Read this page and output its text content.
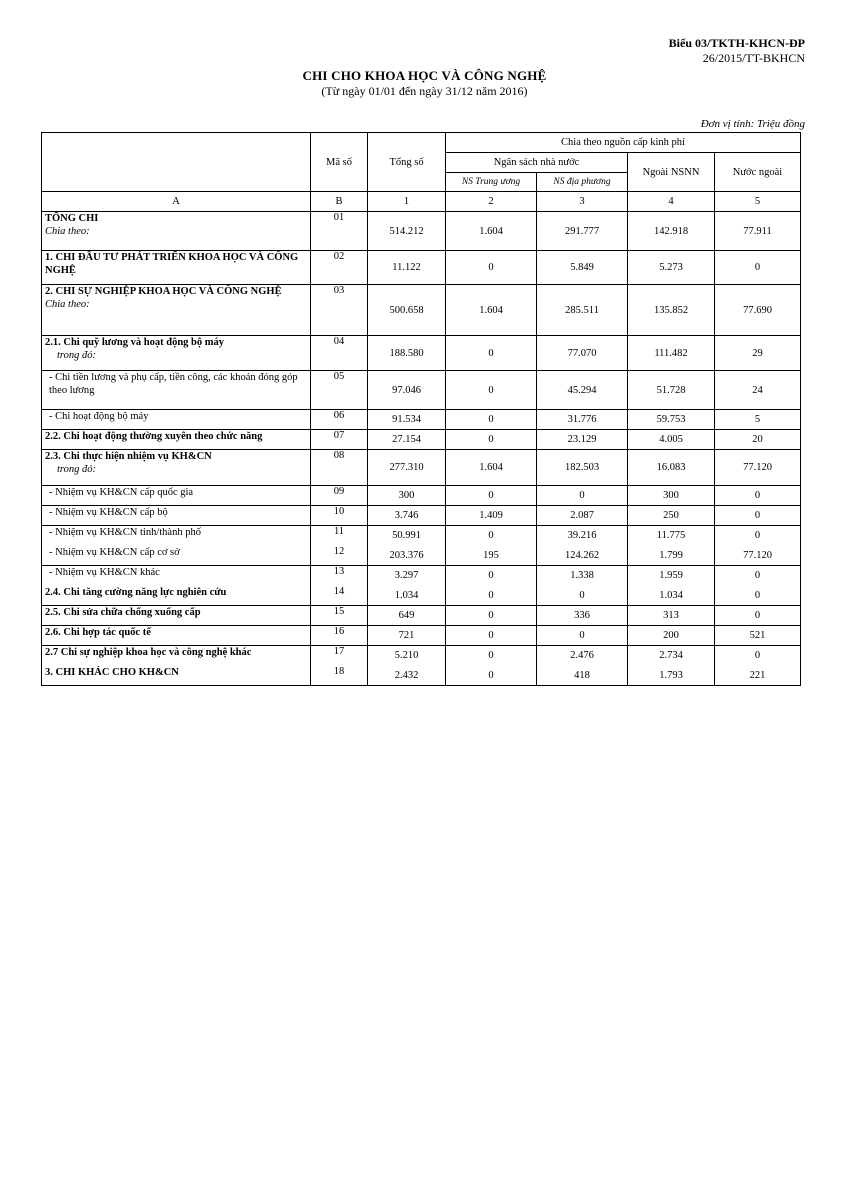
Biểu 03/TKTH-KHCN-ĐP
26/2015/TT-BKHCN
CHI CHO KHOA HỌC VÀ CÔNG NGHỆ
(Từ ngày 01/01 đến ngày 31/12 năm 2016)
Đơn vị tính: Triệu đồng
	Mã số	Tổng số	Chia theo nguồn cấp kinh phí			
			Ngân sách nhà nước		Ngoài NSNN	Nước ngoài
			NS Trung ương	NS địa phương		
A	B	1	2	3	4	5

TỔNG CHI
Chia theo:	01	514.212	1.604	291.777	142.918	77.911

1. CHI ĐẦU TƯ PHÁT TRIỂN KHOA HỌC VÀ CÔNG NGHỆ	02	11.122	0	5.849	5.273	0

2. CHI SỰ NGHIỆP KHOA HỌC VÀ CÔNG NGHỆ
Chia theo:	03	500.658	1.604	285.511	135.852	77.690

2.1. Chi quỹ lương và hoạt động bộ máy
trong đó:	04	188.580	0	77.070	111.482	29

- Chi tiền lương và phụ cấp, tiền công, các khoản đóng góp theo lương	05	97.046	0	45.294	51.728	24

- Chi hoạt động bộ máy	06	91.534	0	31.776	59.753	5

2.2. Chi hoạt động thường xuyên theo chức năng	07	27.154	0	23.129	4.005	20

2.3. Chi thực hiện nhiệm vụ KH&CN
trong đó:	08	277.310	1.604	182.503	16.083	77.120

- Nhiệm vụ KH&CN cấp quốc gia	09	300	0	0	300	0

- Nhiệm vụ KH&CN cấp bộ	10	3.746	1.409	2.087	250	0

- Nhiệm vụ KH&CN tỉnh/thành phố	11	50.991	0	39.216	11.775	0

- Nhiệm vụ KH&CN cấp cơ sở	12	203.376	195	124.262	1.799	77.120

- Nhiệm vụ KH&CN khác	13	3.297	0	1.338	1.959	0

2.4. Chi tăng cường năng lực nghiên cứu	14	1.034	0	0	1.034	0

2.5. Chi sửa chữa chống xuống cấp	15	649	0	336	313	0

2.6. Chi hợp tác quốc tế	16	721	0	0	200	521

2.7 Chi sự nghiệp khoa học và công nghệ khác	17	5.210	0	2.476	2.734	0

3. CHI KHÁC CHO KH&CN	18	2.432	0	418	1.793	221
